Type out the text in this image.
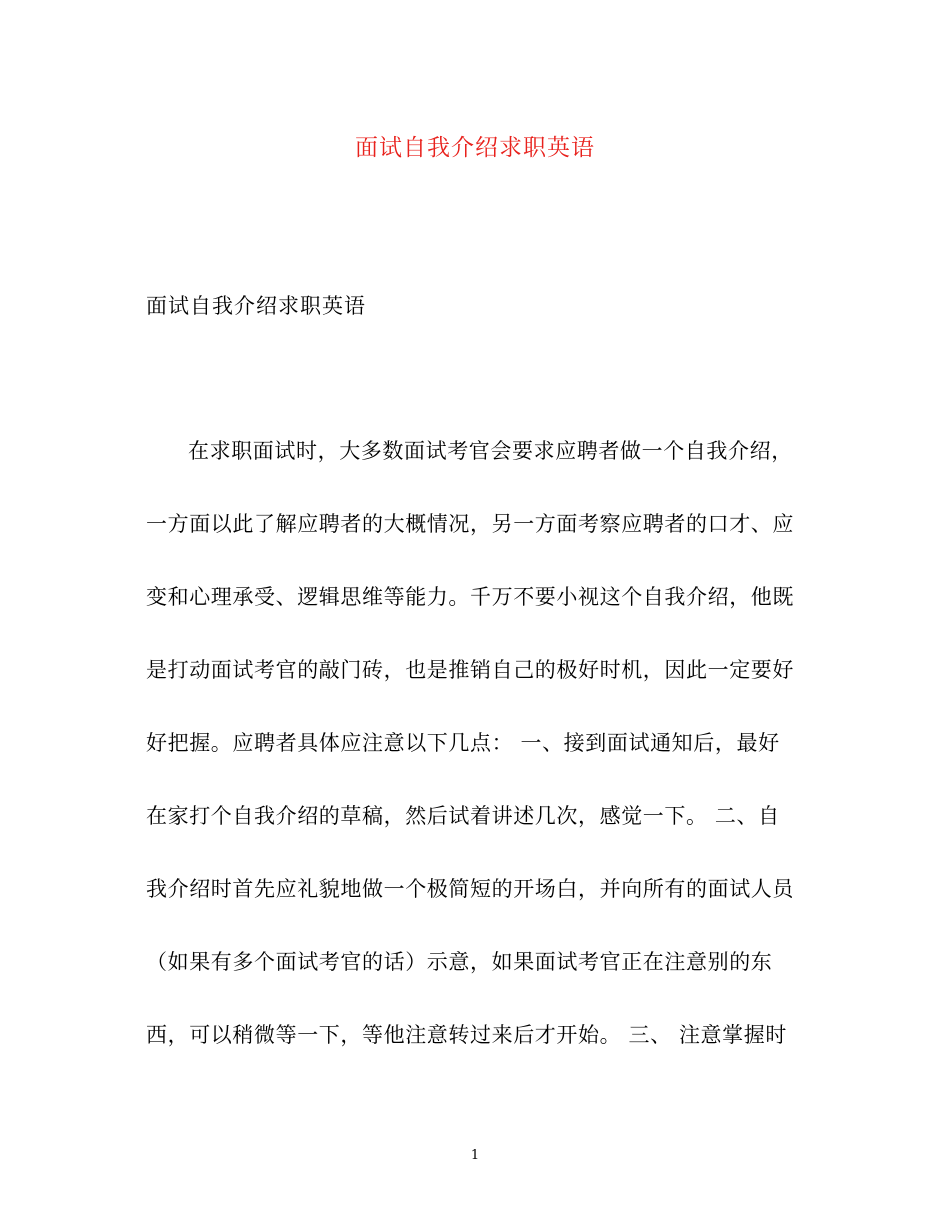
面试自我介绍求职英语
面试自我介绍求职英语
在求职面试时，大多数面试考官会要求应聘者做一个自我介绍，
一方面以此了解应聘者的大概情况，另一方面考察应聘者的口才、应
变和心理承受、逻辑思维等能力。千万不要小视这个自我介绍，他既
是打动面试考官的敲门砖，也是推销自己的极好时机，因此一定要好
好把握。应聘者具体应注意以下几点： 一、接到面试通知后，最好
在家打个自我介绍的草稿，然后试着讲述几次，感觉一下。 二、自
我介绍时首先应礼貌地做一个极简短的开场白，并向所有的面试人员
（如果有多个面试考官的话）示意，如果面试考官正在注意别的东
西，可以稍微等一下，等他注意转过来后才开始。 三、 注意掌握时
1
